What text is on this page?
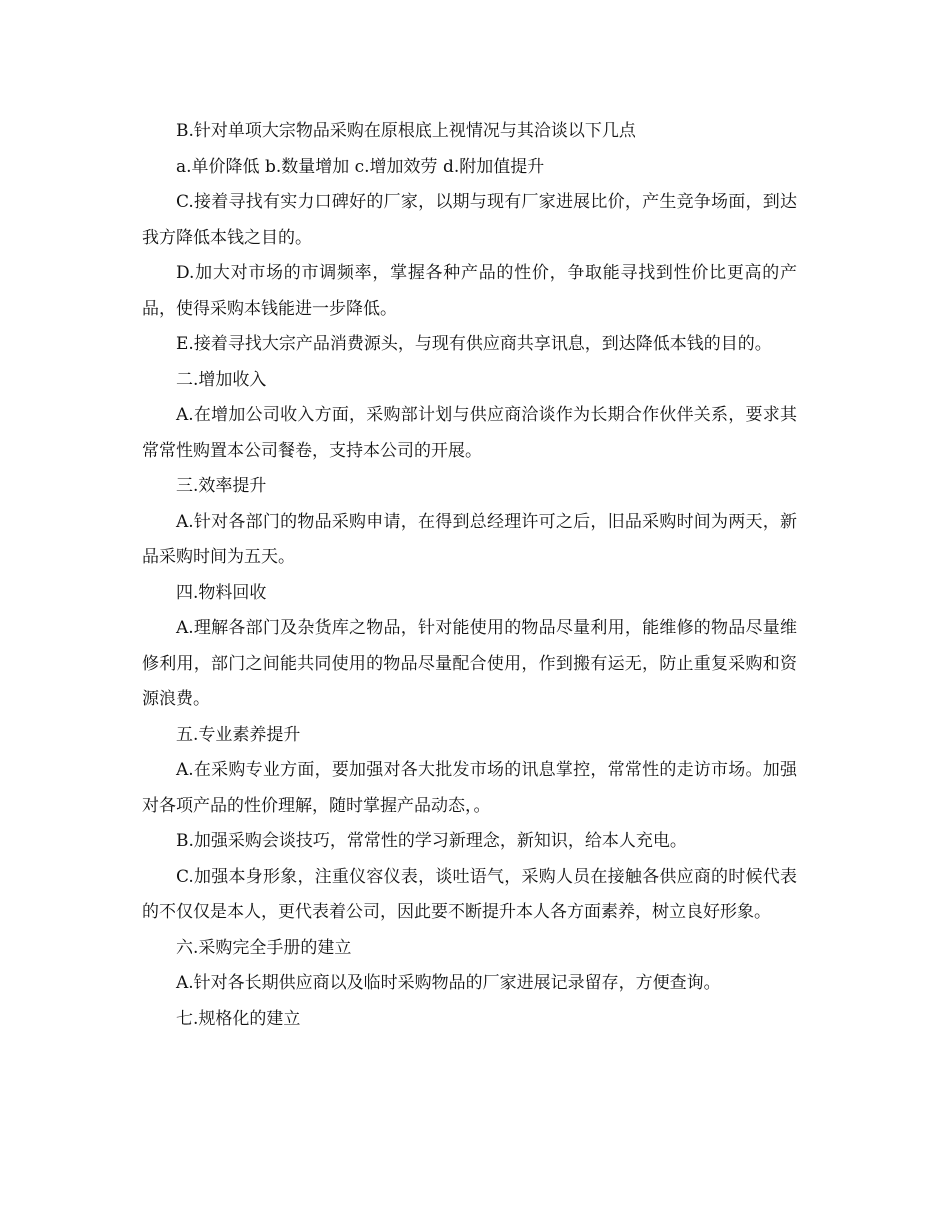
B.针对单项大宗物品采购在原根底上视情况与其洽谈以下几点

a.单价降低 b.数量增加 c.增加效劳 d.附加值提升

C.接着寻找有实力口碑好的厂家，以期与现有厂家进展比价，产生竞争场面，到达我方降低本钱之目的。

D.加大对市场的市调频率，掌握各种产品的性价，争取能寻找到性价比更高的产品，使得采购本钱能进一步降低。

E.接着寻找大宗产品消费源头，与现有供应商共享讯息，到达降低本钱的目的。

二.增加收入

A.在增加公司收入方面，采购部计划与供应商洽谈作为长期合作伙伴关系，要求其常常性购置本公司餐卷，支持本公司的开展。

三.效率提升

A.针对各部门的物品采购申请，在得到总经理许可之后，旧品采购时间为两天，新品采购时间为五天。

四.物料回收

A.理解各部门及杂货库之物品，针对能使用的物品尽量利用，能维修的物品尽量维修利用，部门之间能共同使用的物品尽量配合使用，作到搬有运无，防止重复采购和资源浪费。

五.专业素养提升

A.在采购专业方面，要加强对各大批发市场的讯息掌控，常常性的走访市场。加强对各项产品的性价理解，随时掌握产品动态，。

B.加强采购会谈技巧，常常性的学习新理念，新知识，给本人充电。

C.加强本身形象，注重仪容仪表，谈吐语气，采购人员在接触各供应商的时候代表的不仅仅是本人，更代表着公司，因此要不断提升本人各方面素养，树立良好形象。

六.采购完全手册的建立

A.针对各长期供应商以及临时采购物品的厂家进展记录留存，方便查询。

七.规格化的建立
